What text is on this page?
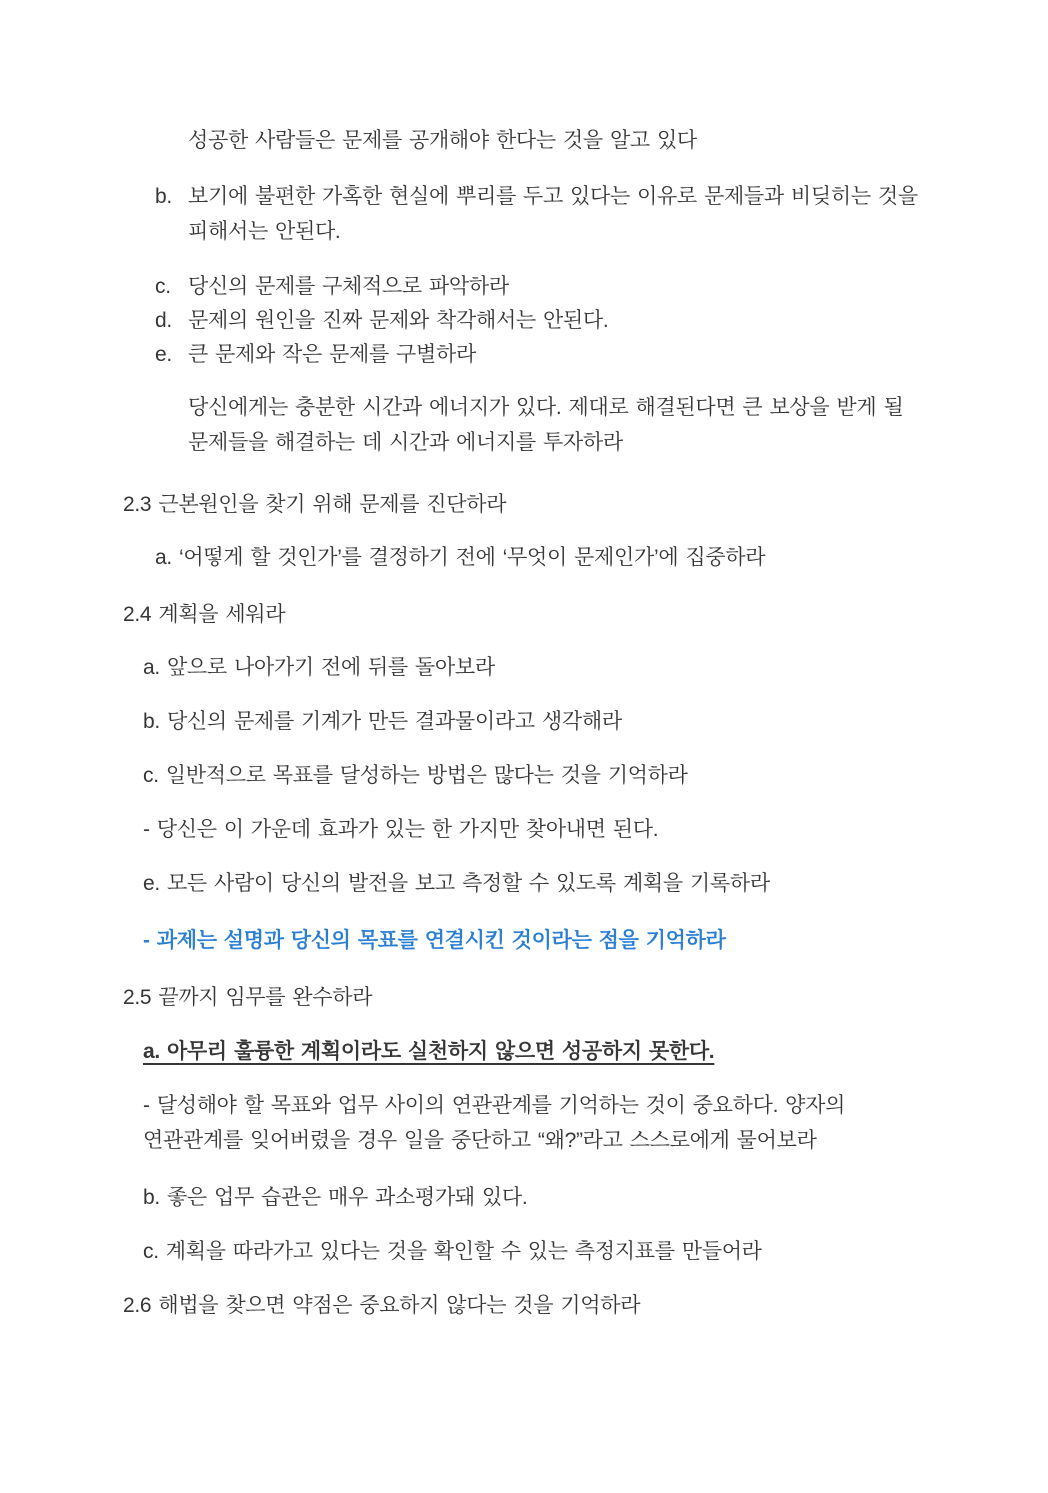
성공한 사람들은 문제를 공개해야 한다는 것을 알고 있다
b. 보기에 불편한 가혹한 현실에 뿌리를 두고 있다는 이유로 문제들과 비딪히는 것을
피해서는 안된다.
c. 당신의 문제를 구체적으로 파악하라
d. 문제의 원인을 진짜 문제와 착각해서는 안된다.
e. 큰 문제와 작은 문제를 구별하라
당신에게는 충분한 시간과 에너지가 있다. 제대로 해결된다면 큰 보상을 받게 될
문제들을 해결하는 데 시간과 에너지를 투자하라
2.3 근본원인을 찾기 위해 문제를 진단하라
a. ‘어떻게 할 것인가’를 결정하기 전에 ‘무엇이 문제인가’에 집중하라
2.4 계획을 세워라
a. 앞으로 나아가기 전에 뒤를 돌아보라
b. 당신의 문제를 기계가 만든 결과물이라고 생각해라
c. 일반적으로 목표를 달성하는 방법은 많다는 것을 기억하라
- 당신은 이 가운데 효과가 있는 한 가지만 찾아내면 된다.
e. 모든 사람이 당신의 발전을 보고 측정할 수 있도록 계획을 기록하라
- 과제는 설명과 당신의 목표를 연결시킨 것이라는 점을 기억하라
2.5 끝까지 임무를 완수하라
a. 아무리 훌륭한 계획이라도 실천하지 않으면 성공하지 못한다.
- 달성해야 할 목표와 업무 사이의 연관관계를 기억하는 것이 중요하다. 양자의
연관관계를 잊어버렸을 경우 일을 중단하고 “왜?”라고 스스로에게 물어보라
b. 좋은 업무 습관은 매우 과소평가돼 있다.
c. 계획을 따라가고 있다는 것을 확인할 수 있는 측정지표를 만들어라
2.6 해법을 찾으면 약점은 중요하지 않다는 것을 기억하라
